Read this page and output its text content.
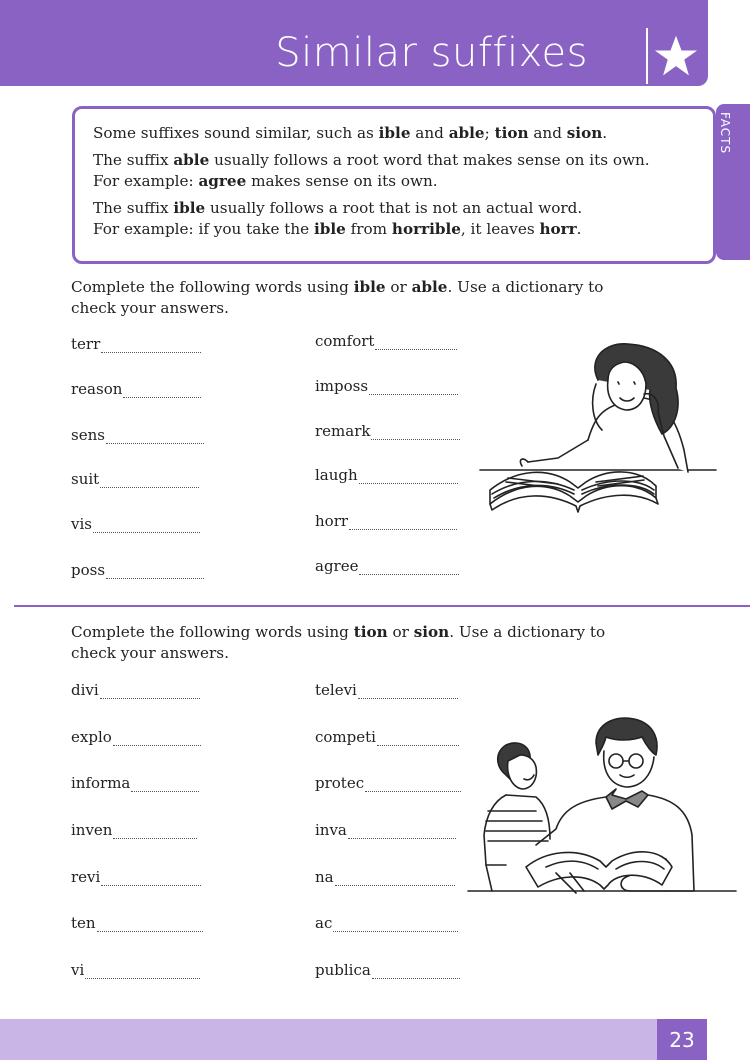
Similar suffixes

Some suffixes sound similar, such as ible and able; tion and sion.

The suffix able usually follows a root word that makes sense on its own.

For example: agree makes sense on its own.

The suffix ible usually follows a root that is not an actual word.

For example: if you take the ible from horrible, it leaves horr.

FACTS
Complete the following words using ible or able. Use a dictionary to check your answers.
terr
reason
sens
suit
vis
poss
comfort
imposs
remark
laugh
horr
agree
Complete the following words using tion or sion. Use a dictionary to check your answers.
divi
explo
informa
inven
revi
ten
vi
televi
competi
protec
inva
na
ac
publica
23
